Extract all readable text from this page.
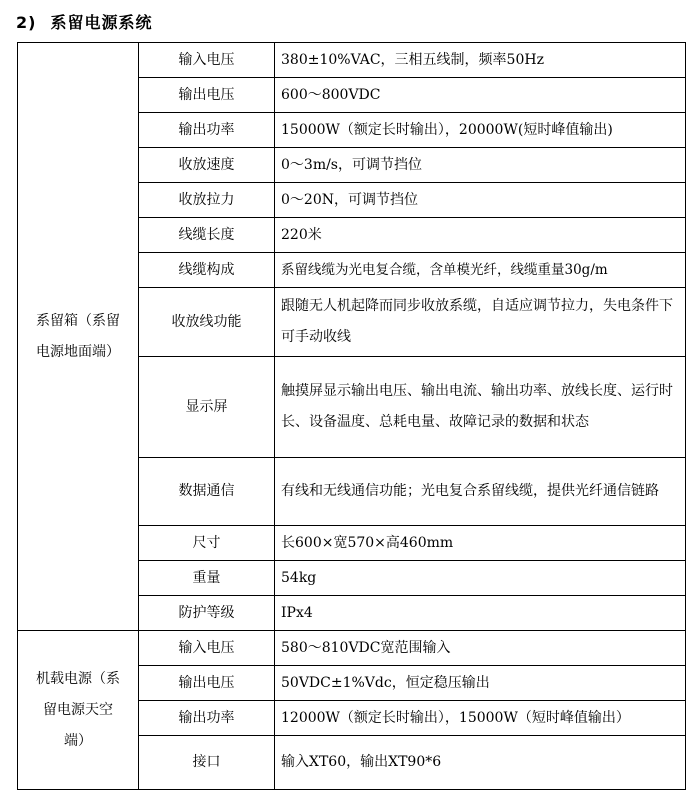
2) 系留电源系统
系留箱（系留电源地面端）	输入电压	380±10%VAC，三相五线制，频率50Hz
	输出电压	600～800VDC
	输出功率	15000W（额定长时输出），20000W(短时峰值输出)
	收放速度	0～3m/s，可调节挡位
	收放拉力	0～20N，可调节挡位
	线缆长度	220米
	线缆构成	系留线缆为光电复合缆，含单模光纤，线缆重量30g/m
	收放线功能	跟随无人机起降而同步收放系缆，自适应调节拉力，失电条件下可手动收线
	显示屏	触摸屏显示输出电压、输出电流、输出功率、放线长度、运行时长、设备温度、总耗电量、故障记录的数据和状态
	数据通信	有线和无线通信功能；光电复合系留线缆，提供光纤通信链路
	尺寸	长600×宽570×高460mm
	重量	54kg
	防护等级	IPx4
机载电源（系留电源天空端）	输入电压	580～810VDC宽范围输入
	输出电压	50VDC±1%Vdc，恒定稳压输出
	输出功率	12000W（额定长时输出），15000W（短时峰值输出）
	接口	输入XT60，输出XT90*6
